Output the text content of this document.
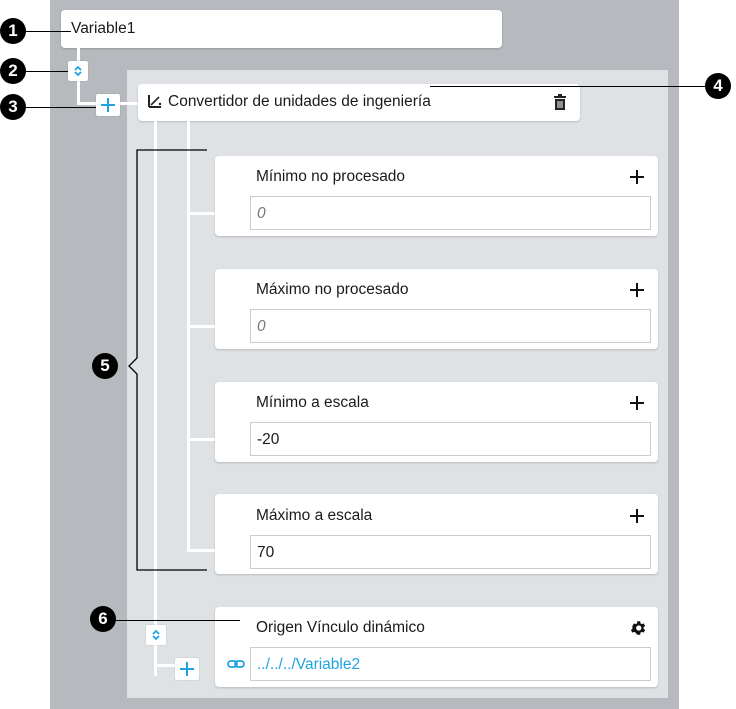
Variable1
Convertidor de unidades de ingeniería
Mínimo no procesado
0
Máximo no procesado
0
Mínimo a escala
-20
Máximo a escala
70
Origen Vínculo dinámico
../../../Variable2
1
2
3
4
5
6
